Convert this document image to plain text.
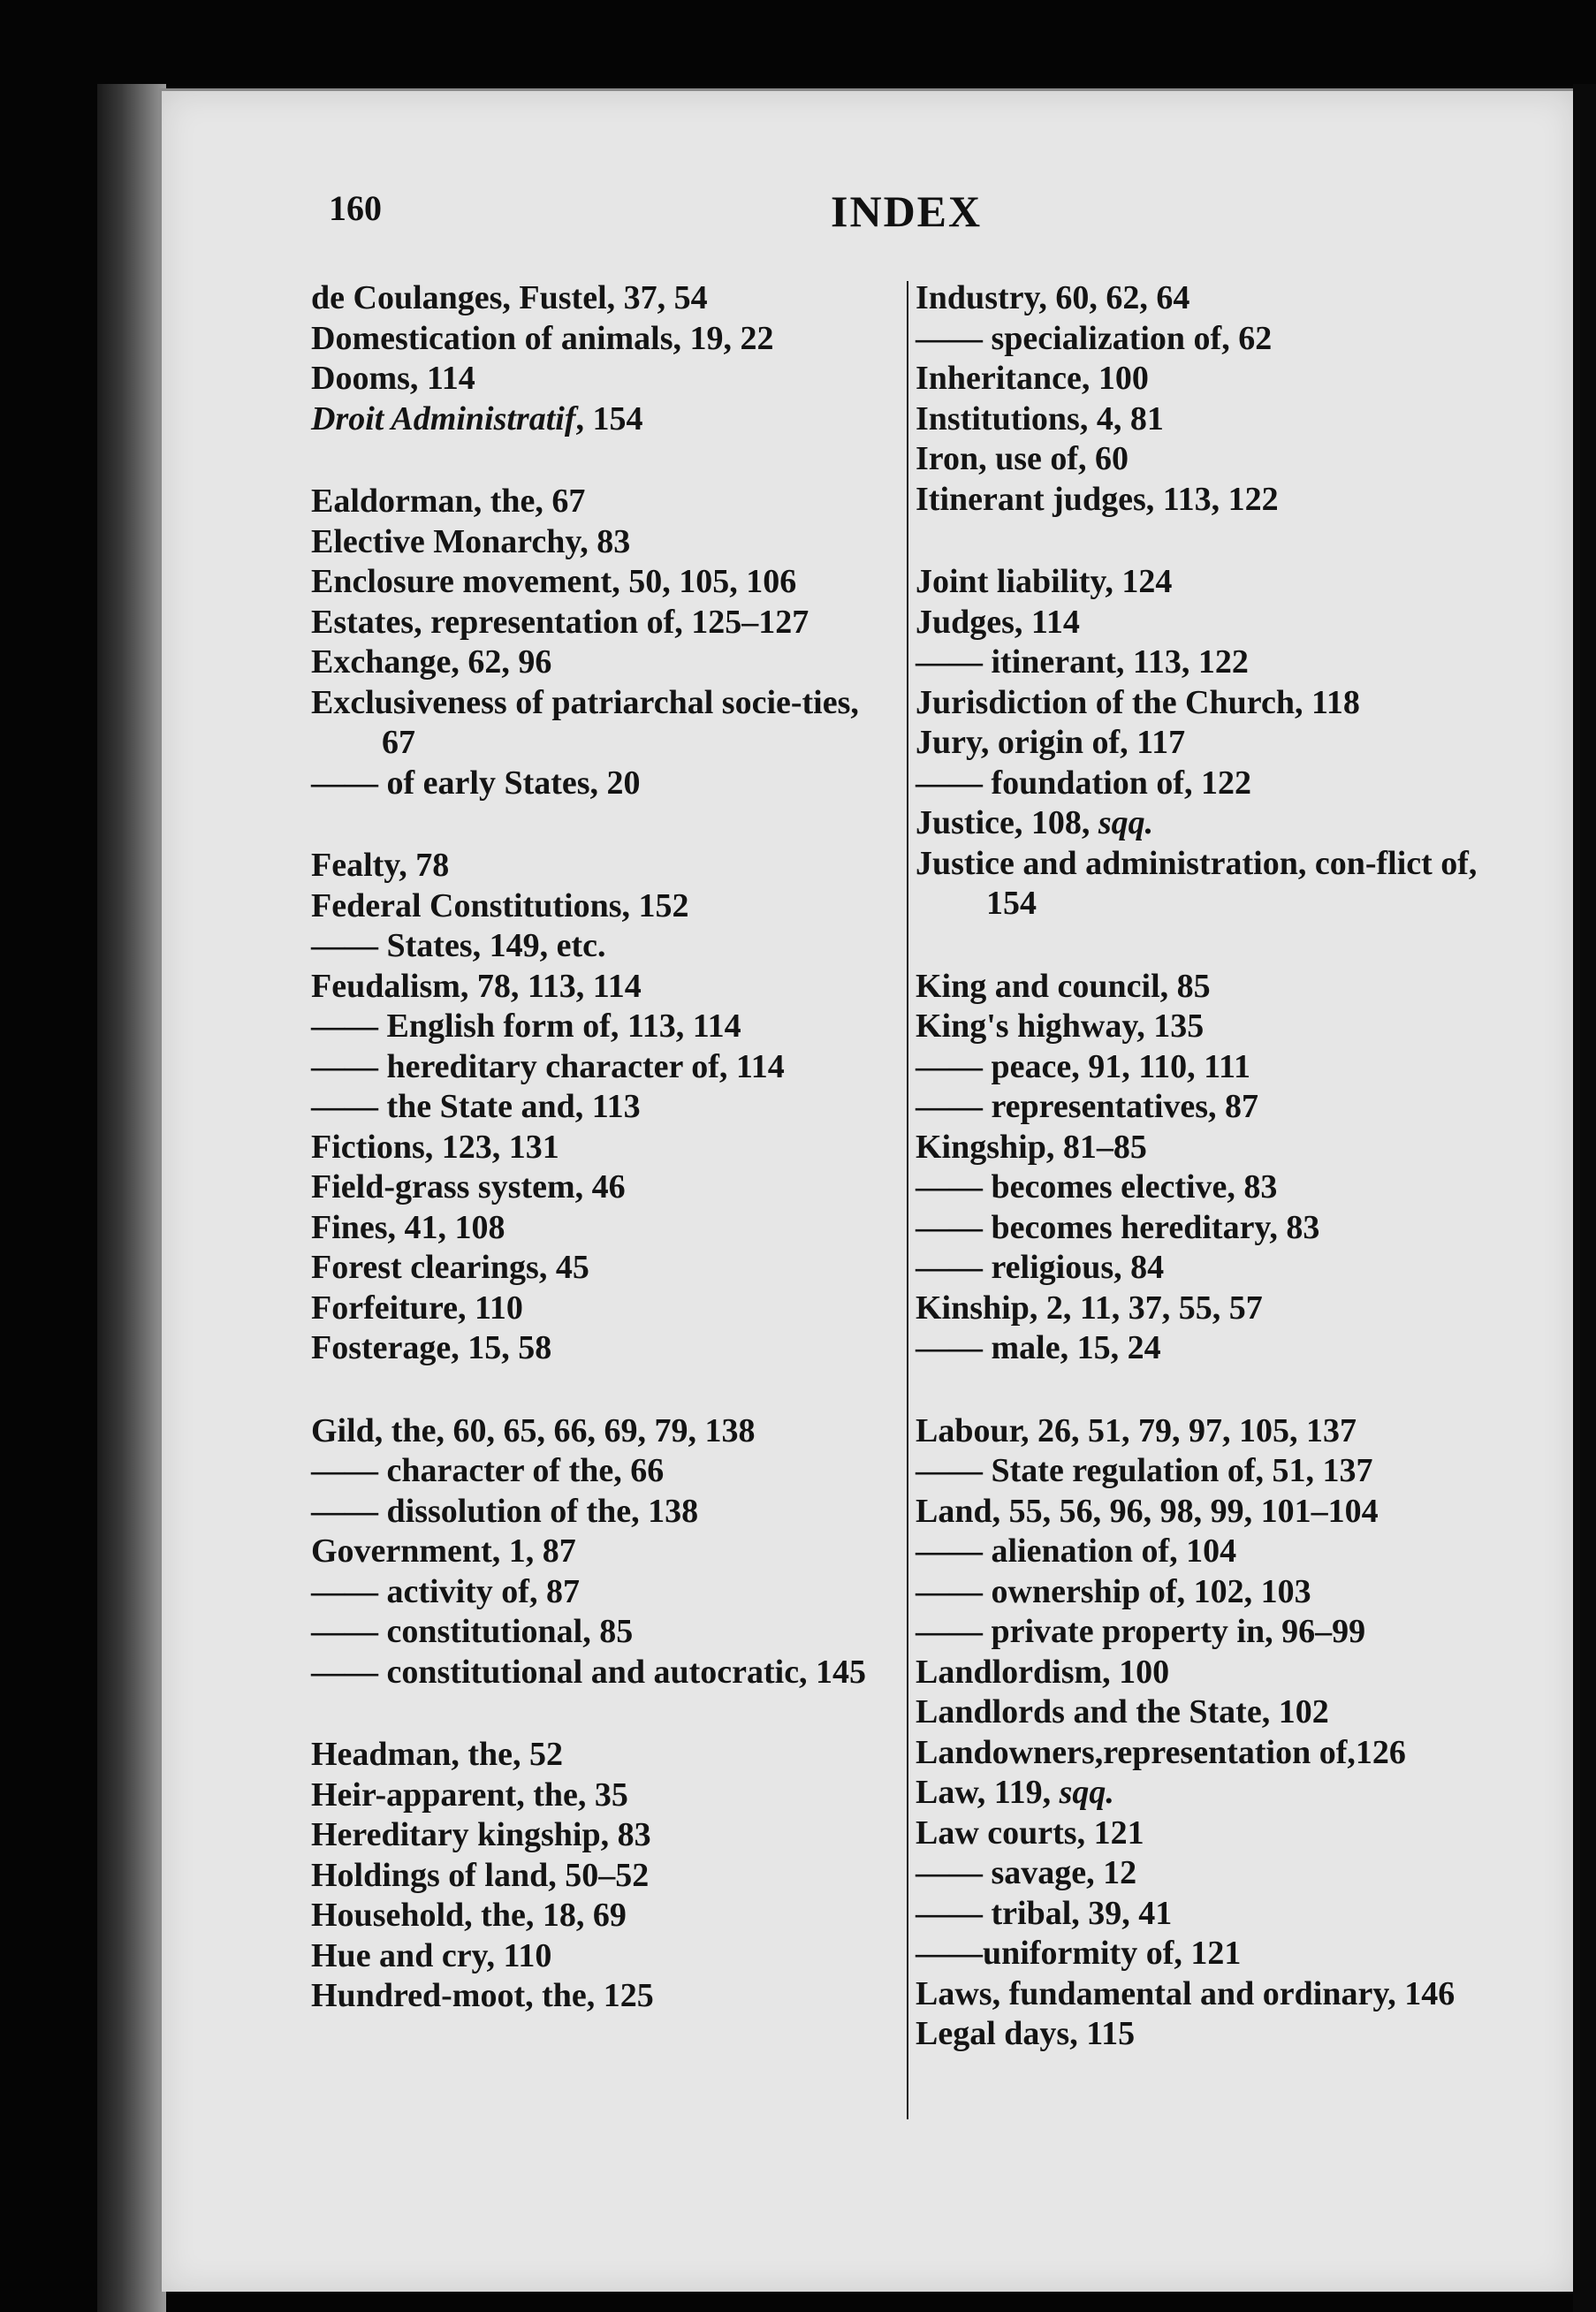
160	INDEX
de Coulanges, Fustel, 37, 54
Domestication of animals, 19, 22
Dooms, 114
Droit Administratif, 154
Ealdorman, the, 67
Elective Monarchy, 83
Enclosure movement, 50, 105, 106
Estates, representation of, 125–127
Exchange, 62, 96
Exclusiveness of patriarchal socie-ties, 67
—— of early States, 20
Fealty, 78
Federal Constitutions, 152
—— States, 149, etc.
Feudalism, 78, 113, 114
—— English form of, 113, 114
—— hereditary character of, 114
—— the State and, 113
Fictions, 123, 131
Field-grass system, 46
Fines, 41, 108
Forest clearings, 45
Forfeiture, 110
Fosterage, 15, 58
Gild, the, 60, 65, 66, 69, 79, 138
—— character of the, 66
—— dissolution of the, 138
Government, 1, 87
—— activity of, 87
—— constitutional, 85
—— constitutional and autocratic, 145
Headman, the, 52
Heir-apparent, the, 35
Hereditary kingship, 83
Holdings of land, 50–52
Household, the, 18, 69
Hue and cry, 110
Hundred-moot, the, 125
Industry, 60, 62, 64
—— specialization of, 62
Inheritance, 100
Institutions, 4, 81
Iron, use of, 60
Itinerant judges, 113, 122
Joint liability, 124
Judges, 114
—— itinerant, 113, 122
Jurisdiction of the Church, 118
Jury, origin of, 117
—— foundation of, 122
Justice, 108, sqq.
Justice and administration, con-flict of, 154
King and council, 85
King's highway, 135
—— peace, 91, 110, 111
—— representatives, 87
Kingship, 81–85
—— becomes elective, 83
—— becomes hereditary, 83
—— religious, 84
Kinship, 2, 11, 37, 55, 57
—— male, 15, 24
Labour, 26, 51, 79, 97, 105, 137
—— State regulation of, 51, 137
Land, 55, 56, 96, 98, 99, 101–104
—— alienation of, 104
—— ownership of, 102, 103
—— private property in, 96–99
Landlordism, 100
Landlords and the State, 102
Landowners,representation of,126
Law, 119, sqq.
Law courts, 121
—— savage, 12
—— tribal, 39, 41
——uniformity of, 121
Laws, fundamental and ordinary, 146
Legal days, 115
